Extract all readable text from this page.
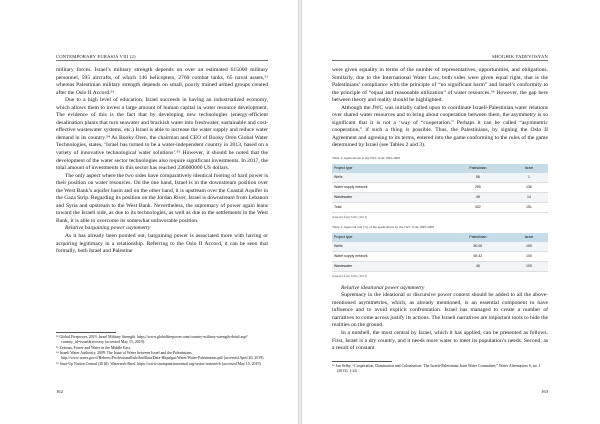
CONTEMPORARY EURASIA VIII (2)

military forces. Israel’s military strength depends on over an estimated 615000 military personnel, 595 aircrafts, of which 146 helicopters, 2760 combat tanks, 65 naval assets,⁵² whereas Palestinian military strength depends on small, poorly trained armed groups created after the Oslo II Accord.⁵³

Due to a high level of education, Israel succeeds in having an industrialized economy, which allows them to invest a large amount of human capital in water resource development. The evidence of this is the fact that by developing new technologies (energy-efficient desalination plants that turn seawater and brackish water into freshwater, sustainable and cost-effective wastewater systems, etc.) Israel is able to increase the water supply and reduce water demand in its country.⁵⁴ As Booky Oren, the chairman and CEO of Booky Oren Global Water Technologies, states, ‘Israel has turned to be a water-independent country in 2013, based on a variety of innovative technological water solutions’.⁵⁵ However, it should be noted that the development of the water sector technologies also require significant investments. In 2017, the total amount of investments in this sector has reached 236000000 US dollars.

The only aspect where the two sides have comparatively identical footing of hard power is their position on water resources. On the one hand, Israel is in the downstream position over the West Bank’s aquifer basin and on the other hand, it is upstream over the Coastal Aquifer in the Gaza Strip. Regarding its position on the Jordan River, Israel is downstream from Lebanon and Syria and upstream to the West Bank. Nevertheless, the supremacy of power again leans toward the Israeli side, as due to its technologies, as well as due to the settlements in the West Bank, it is able to overcome its somewhat unfavorable position.

Relative bargaining power asymmetry

As it has already been pointed out, bargaining power is associated more with having or acquiring legitimacy in a relationship. Referring to the Oslo II Accord, it can be seen that formally, both Israel and Palestine

⁵² Global Firepower, 2019. Israel Military Strength. https://www.globalfirepower.com/country-military-strength-detail.asp?country_id=israel#recovery (accessed May 15, 2019).

⁵³ Zeitoun, Power and Water in the Middle East.

⁵⁴ Israeli Water Authority, 2009. The Issue of Water between Israel and the Palestinians, http://www.water.gov.il/Hebrew/ProfessionalInfoAndData/Data-Hitpalgut/Water/Water-Palestinians.pdf (accessed April 20, 2019).

⁵⁵ Start-Up Nation Central (2018). Waterinvb Brief, https://www.startupnationcentral.org/sector/watertech (accessed May 15, 2019).

162
SHOGHIK TADEVOSYAN

were given equality in terms of the number of representatives, opportunities, and obligations. Similarly, due to the International Water Law, both sides were given equal right, that is the Palestinians’ compliance with the principle of “no significant harm” and Israel’s conformity to the principle of “equal and reasonable utilization” of water resources.⁵⁶ However, the gap here between theory and reality should be highlighted.

Although the JWC was initially called upon to coordinate Israeli-Palestinian water relations over shared water resources and to bring about cooperation between them, the asymmetry is so significant that it is not a ‘way of “cooperation.” Perhaps it can be called “asymmetric cooperation,” if such a thing is possible. Thus, the Palestinians, by signing the Oslo II Agreement and agreeing to its terms, entered into the game conforming to the rules of the game determined by Israel (see Tables 2 and 3).

Table 2. Applications to the JWC from 1995-2008
Project type	Palestinian	Israel
Wells	58	1
Water supply network	295	136
Wastewater	49	14
Total	402	151
Adapted from Selby (2013)
Table 3. Approval rate (%) of the applications by the JWC from 1995-2008
Project type	Palestinian	Israel
Wells	50.00	100
Water supply network	69.42	100
Wastewater	46	100
Adapted from Selby (2013)

Relative ideational power asymmetry

Supremacy in the ideational or discursive power context should be added to all the above-mentioned asymmetries, which, as already mentioned, is an essential component to have influence and to avoid explicit confrontation. Israel has managed to create a number of narratives to come across justify its actions. The Israeli narratives are important tools to hide the realities on the ground.

In a nutshell, the most central by Israel, which it has applied, can be presented as follows. First, Israel is a dry country, and it needs more water to meet its population’s needs. Second, as a result of constant

⁵⁶ Jan Selby, “Cooperation, Domination and Colonisation: The Israeli-Palestinian Joint Water Committee,” Water Alternatives 6, no. 1 (2013): 1-24.

163
